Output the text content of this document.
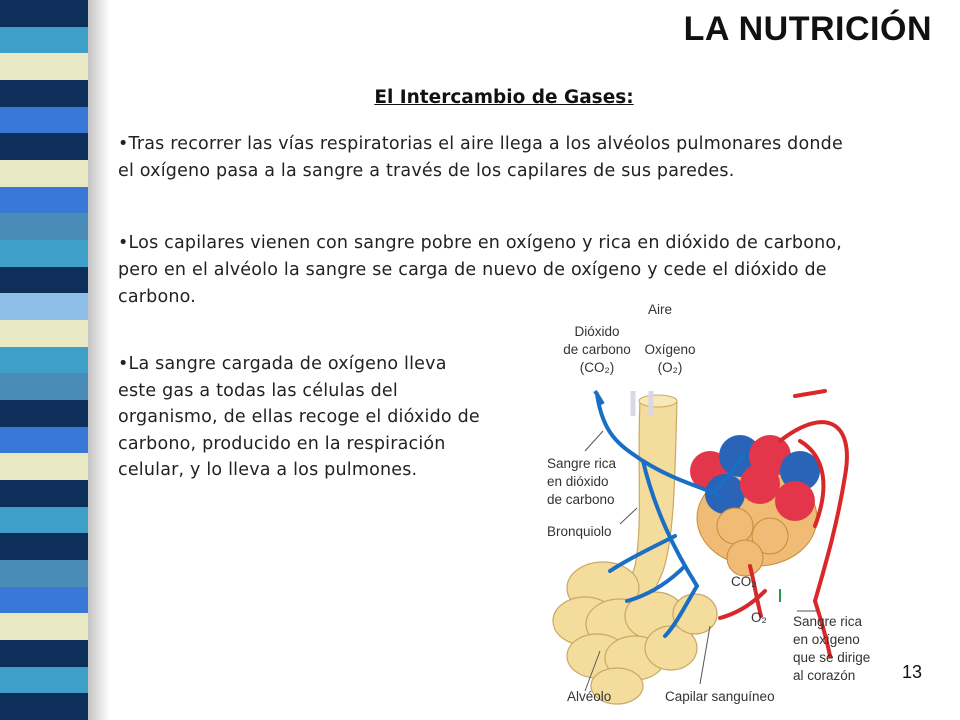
LA NUTRICIÓN
El Intercambio de Gases:
•Tras recorrer las vías respiratorias el aire llega a los alvéolos pulmonares donde el oxígeno pasa a la sangre a través de los capilares de sus paredes.
•Los capilares vienen con sangre pobre en oxígeno y rica en dióxido de carbono, pero en el alvéolo la sangre se carga de nuevo de oxígeno y cede el dióxido de carbono.
•La sangre cargada de oxígeno lleva este gas a todas las células del organismo, de ellas recoge el dióxido de carbono, producido en la respiración celular, y lo lleva a los pulmones.
Aire
Dióxido
de carbono
(CO₂)
Oxígeno
(O₂)
Sangre rica
en dióxido
de carbono
Bronquiolo
CO₂
O₂ Sangre rica
en oxígeno
que se dirige
al corazón
Alvéolo	Capilar sanguíneo
13
